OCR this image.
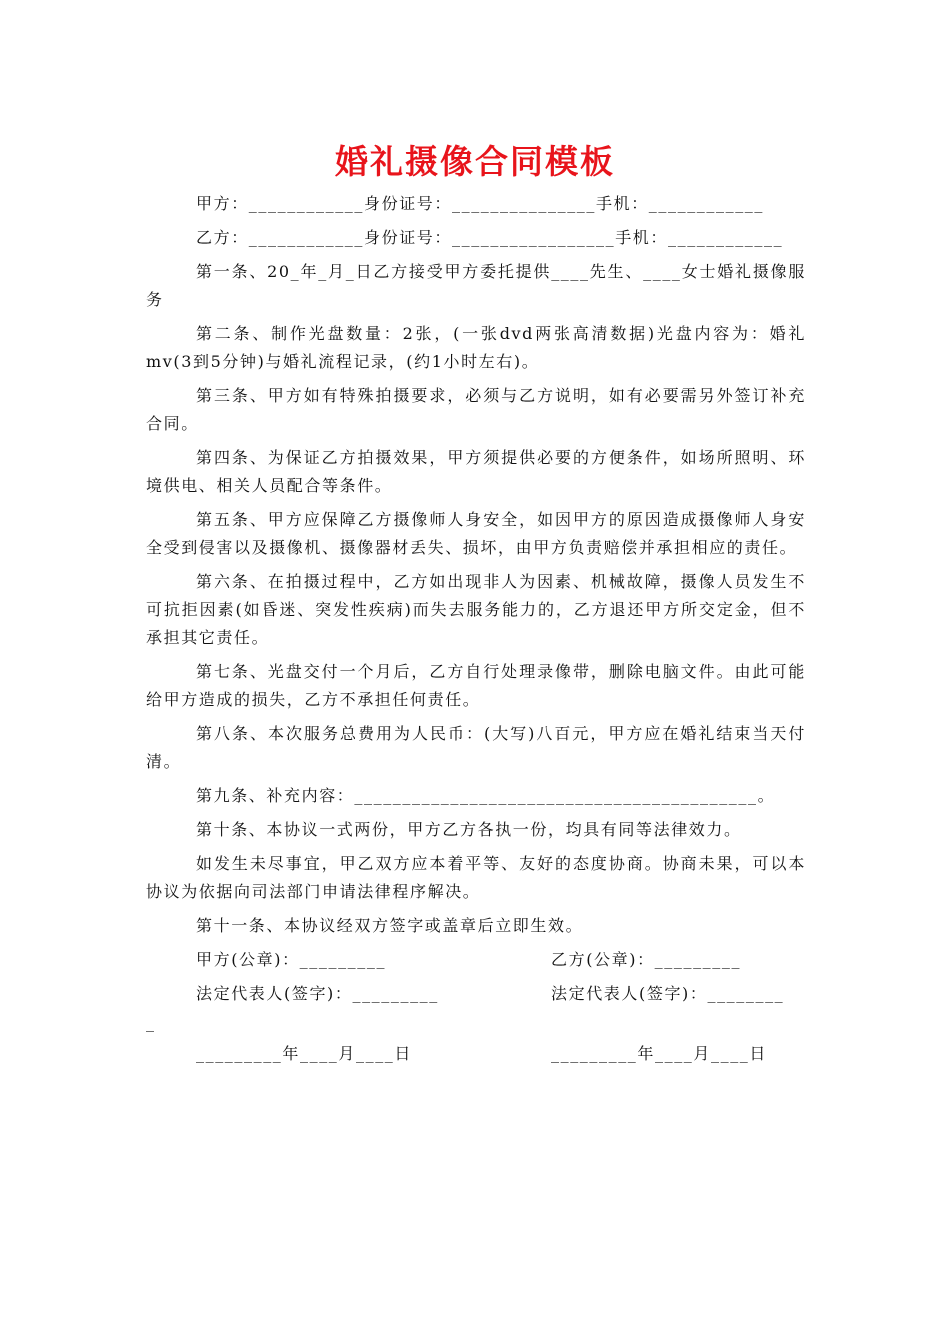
婚礼摄像合同模板

甲方：____________身份证号：_______________手机：____________

乙方：____________身份证号：_________________手机：____________

第一条、20_年_月_日乙方接受甲方委托提供____先生、____女士婚礼摄像服务

第二条、制作光盘数量：2张，(一张dvd两张高清数据)光盘内容为：婚礼mv(3到5分钟)与婚礼流程记录，(约1小时左右)。

第三条、甲方如有特殊拍摄要求，必须与乙方说明，如有必要需另外签订补充合同。

第四条、为保证乙方拍摄效果，甲方须提供必要的方便条件，如场所照明、环境供电、相关人员配合等条件。

第五条、甲方应保障乙方摄像师人身安全，如因甲方的原因造成摄像师人身安全受到侵害以及摄像机、摄像器材丢失、损坏，由甲方负责赔偿并承担相应的责任。

第六条、在拍摄过程中，乙方如出现非人为因素、机械故障，摄像人员发生不可抗拒因素(如昏迷、突发性疾病)而失去服务能力的，乙方退还甲方所交定金，但不承担其它责任。

第七条、光盘交付一个月后，乙方自行处理录像带，删除电脑文件。由此可能给甲方造成的损失，乙方不承担任何责任。

第八条、本次服务总费用为人民币：(大写)八百元，甲方应在婚礼结束当天付清。

第九条、补充内容：__________________________________________。

第十条、本协议一式两份，甲方乙方各执一份，均具有同等法律效力。

如发生未尽事宜，甲乙双方应本着平等、友好的态度协商。协商未果，可以本协议为依据向司法部门申请法律程序解决。

第十一条、本协议经双方签字或盖章后立即生效。

甲方(公章)：_________	乙方(公章)：_________
法定代表人(签字)：_________	法定代表人(签字)：________
_
_________年____月____日	_________年____月____日
